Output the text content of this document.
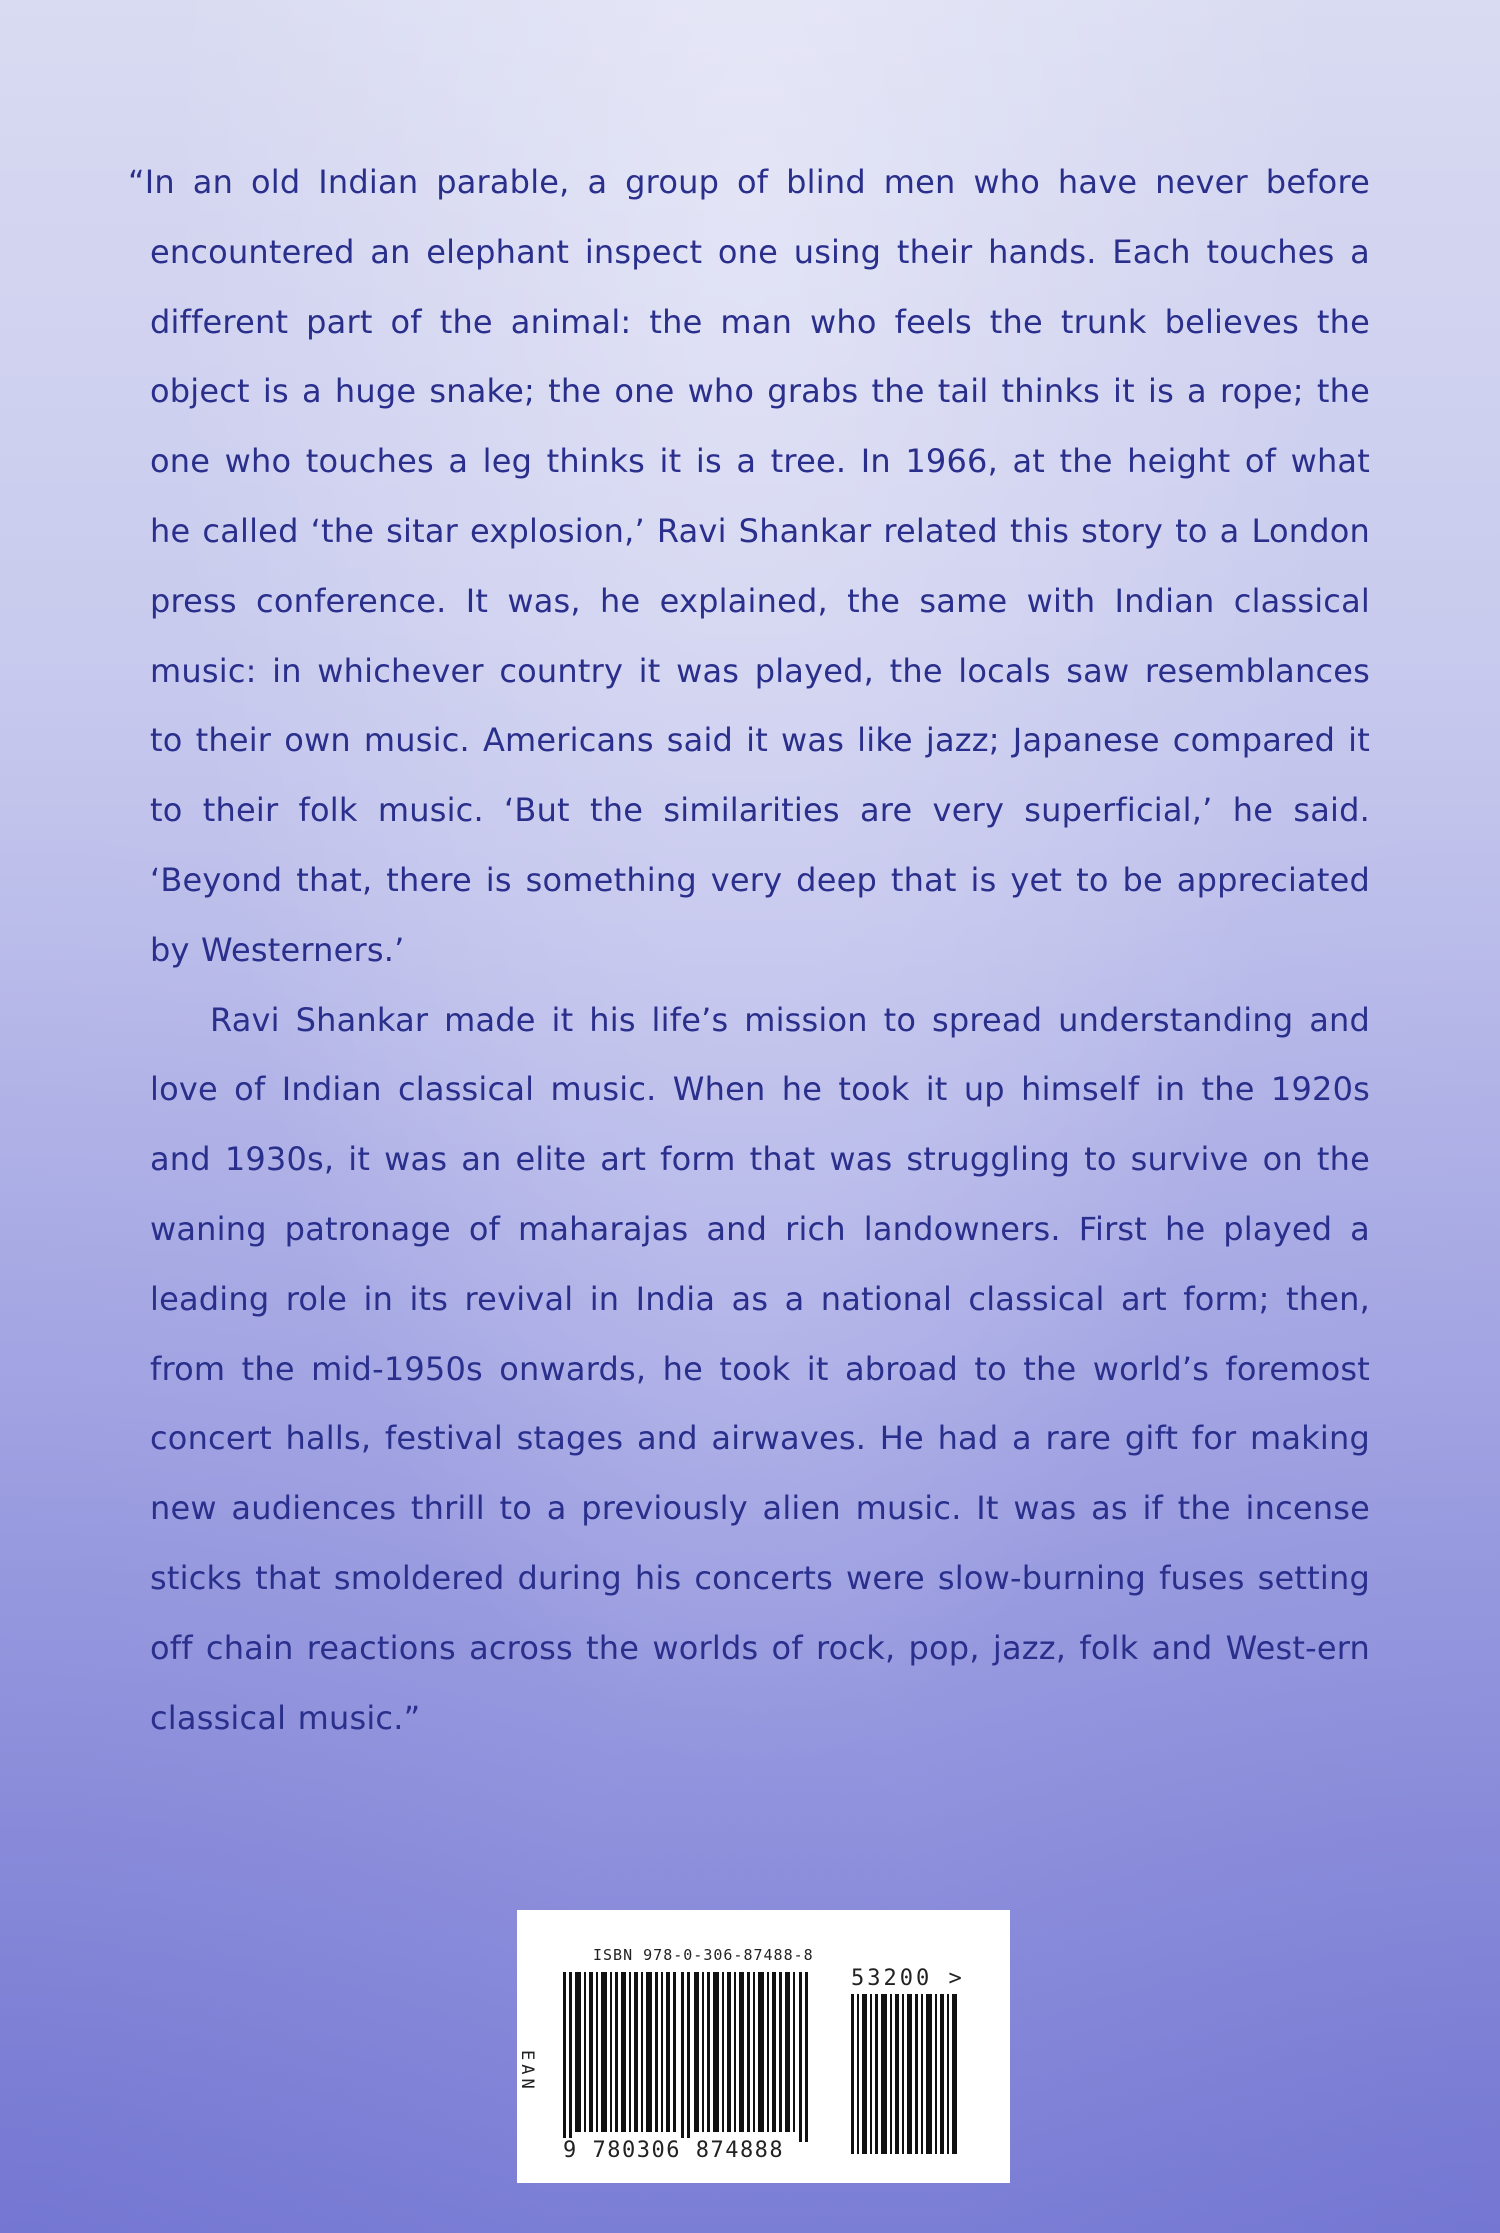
“In an old Indian parable, a group of blind men who have never before encountered an elephant inspect one using their hands. Each touches a different part of the animal: the man who feels the trunk believes the object is a huge snake; the one who grabs the tail thinks it is a rope; the one who touches a leg thinks it is a tree. In 1966, at the height of what he called ‘the sitar explosion,’ Ravi Shankar related this story to a London press conference. It was, he explained, the same with Indian classical music: in whichever country it was played, the locals saw resemblances to their own music. Americans said it was like jazz; Japanese compared it to their folk music. ‘But the similarities are very superficial,’ he said. ‘Beyond that, there is something very deep that is yet to be appreciated by Westerners.’

Ravi Shankar made it his life’s mission to spread understanding and love of Indian classical music. When he took it up himself in the 1920s and 1930s, it was an elite art form that was struggling to survive on the waning patronage of maharajas and rich landowners. First he played a leading role in its revival in India as a national classical art form; then, from the mid-1950s onwards, he took it abroad to the world’s foremost concert halls, festival stages and airwaves. He had a rare gift for making new audiences thrill to a previously alien music. It was as if the incense sticks that smoldered during his concerts were slow-burning fuses setting off chain reactions across the worlds of rock, pop, jazz, folk and West-ern classical music.”

ISBN 978-0-306-87488-8
EAN
9 780306 874888
53200 >
